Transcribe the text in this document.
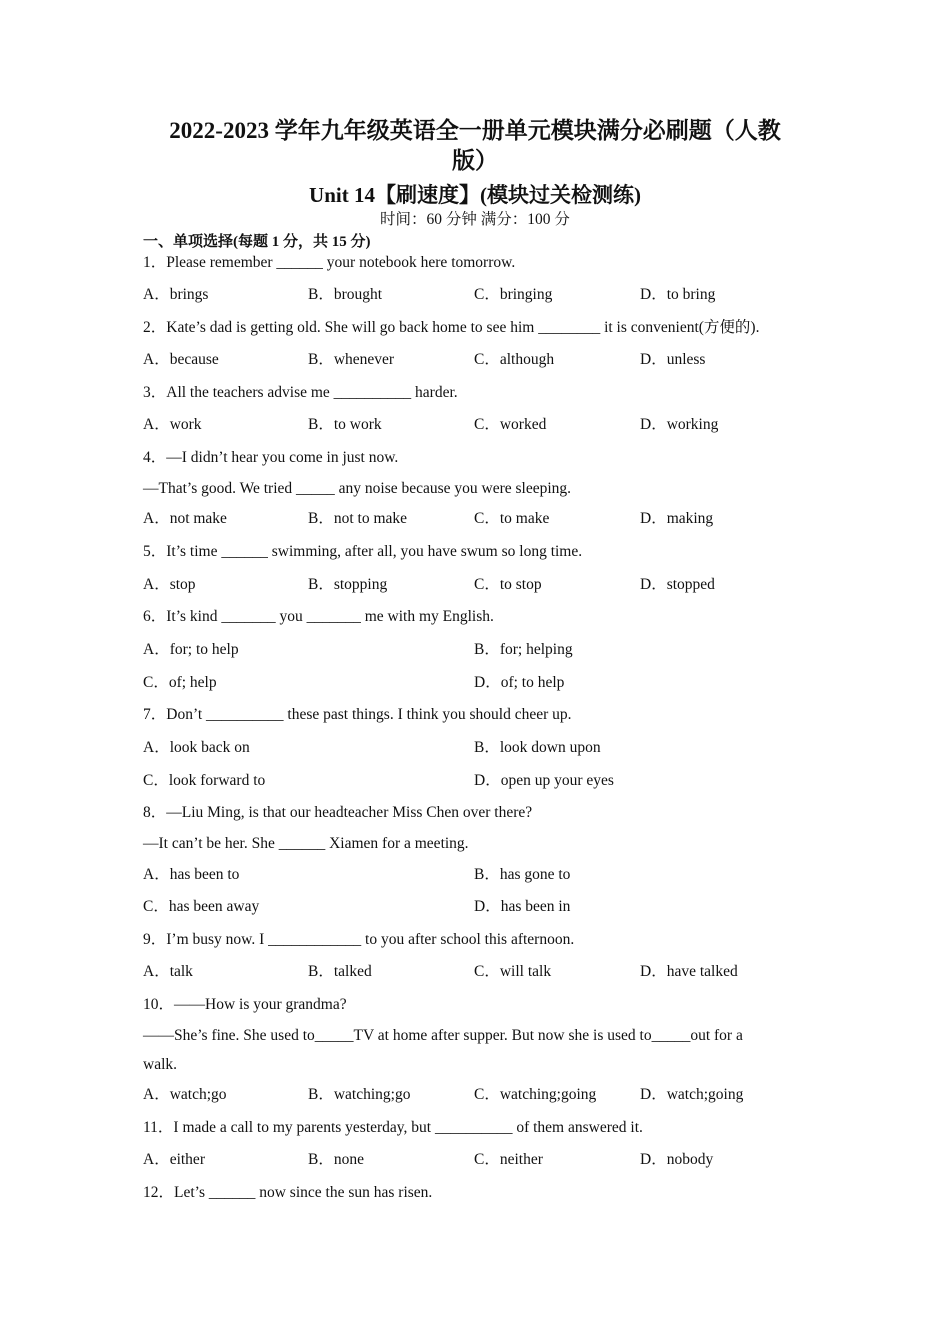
2022-2023 学年九年级英语全一册单元模块满分必刷题（人教
版）
Unit 14【刷速度】(模块过关检测练)
时间：60 分钟 满分：100 分
一、单项选择(每题 1 分，共 15 分)
1．Please remember ______ your notebook here tomorrow.
A．brings	B．brought	C．bringing	D．to bring
2．Kate’s dad is getting old. She will go back home to see him ________ it is convenient(方便的).
A．because	B．whenever	C．although	D．unless
3．All the teachers advise me __________ harder.
A．work	B．to work	C．worked	D．working
4．—I didn’t hear you come in just now.
—That’s good. We tried _____ any noise because you were sleeping.
A．not make	B．not to make	C．to make	D．making
5．It’s time ______ swimming, after all, you have swum so long time.
A．stop	B．stopping	C．to stop	D．stopped
6．It’s kind _______ you _______ me with my English.
A．for; to help	B．for; helping
C．of; help	D．of; to help
7．Don’t __________ these past things. I think you should cheer up.
A．look back on	B．look down upon
C．look forward to	D．open up your eyes
8．—Liu Ming, is that our headteacher Miss Chen over there?
—It can’t be her. She ______ Xiamen for a meeting.
A．has been to	B．has gone to
C．has been away	D．has been in
9．I’m busy now. I ____________ to you after school this afternoon.
A．talk	B．talked	C．will talk	D．have talked
10．——How is your grandma?
——She’s fine. She used to_____TV at home after supper. But now she is used to_____out for a
walk.
A．watch;go	B．watching;go	C．watching;going	D．watch;going
11．I made a call to my parents yesterday, but __________ of them answered it.
A．either	B．none	C．neither	D．nobody
12．Let’s ______ now since the sun has risen.
